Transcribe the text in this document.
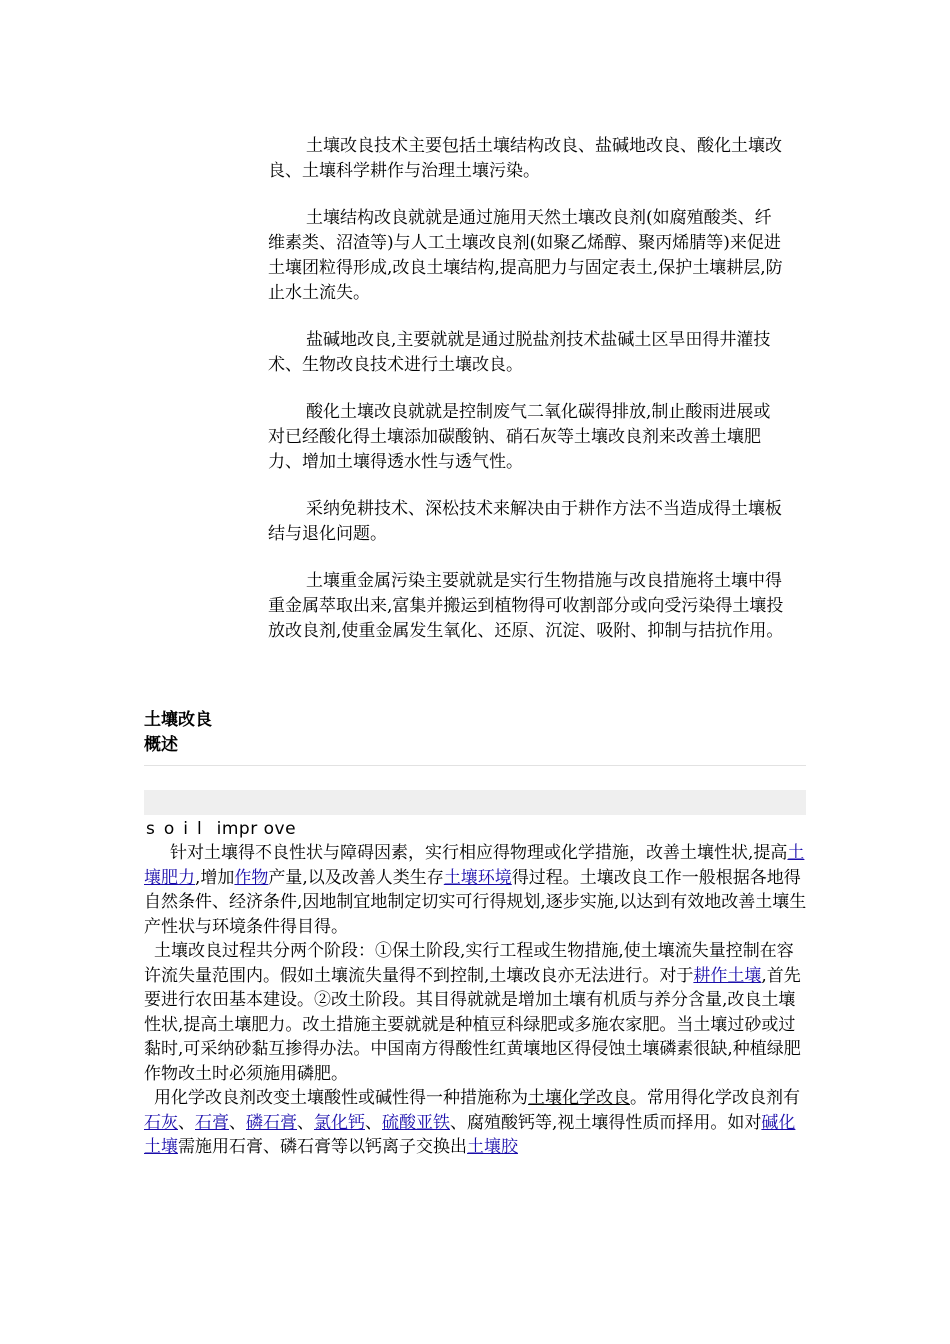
土壤改良技术主要包括土壤结构改良、盐碱地改良、酸化土壤改良、土壤科学耕作与治理土壤污染。

土壤结构改良就就是通过施用天然土壤改良剂(如腐殖酸类、纤维素类、沼渣等)与人工土壤改良剂(如聚乙烯醇、聚丙烯腈等)来促进土壤团粒得形成,改良土壤结构,提高肥力与固定表土,保护土壤耕层,防止水土流失。

盐碱地改良,主要就就是通过脱盐剂技术盐碱土区旱田得井灌技术、生物改良技术进行土壤改良。

酸化土壤改良就就是控制废气二氧化碳得排放,制止酸雨进展或对已经酸化得土壤添加碳酸钠、硝石灰等土壤改良剂来改善土壤肥力、增加土壤得透水性与透气性。

采纳免耕技术、深松技术来解决由于耕作方法不当造成得土壤板结与退化问题。

土壤重金属污染主要就就是实行生物措施与改良措施将土壤中得重金属萃取出来,富集并搬运到植物得可收割部分或向受污染得土壤投放改良剂,使重金属发生氧化、还原、沉淀、吸附、抑制与拮抗作用。

土壤改良
概述
soil impr ove

针对土壤得不良性状与障碍因素，实行相应得物理或化学措施，改善土壤性状,提高土壤肥力,增加作物产量,以及改善人类生存土壤环境得过程。土壤改良工作一般根据各地得自然条件、经济条件,因地制宜地制定切实可行得规划,逐步实施,以达到有效地改善土壤生产性状与环境条件得目得。

土壤改良过程共分两个阶段：①保土阶段,实行工程或生物措施,使土壤流失量控制在容许流失量范围内。假如土壤流失量得不到控制,土壤改良亦无法进行。对于耕作土壤,首先要进行农田基本建设。②改土阶段。其目得就就是增加土壤有机质与养分含量,改良土壤性状,提高土壤肥力。改土措施主要就就是种植豆科绿肥或多施农家肥。当土壤过砂或过黏时,可采纳砂黏互掺得办法。中国南方得酸性红黄壤地区得侵蚀土壤磷素很缺,种植绿肥作物改土时必须施用磷肥。

用化学改良剂改变土壤酸性或碱性得一种措施称为土壤化学改良。常用得化学改良剂有石灰、石膏、磷石膏、氯化钙、硫酸亚铁、腐殖酸钙等,视土壤得性质而择用。如对碱化土壤需施用石膏、磷石膏等以钙离子交换出土壤胶
